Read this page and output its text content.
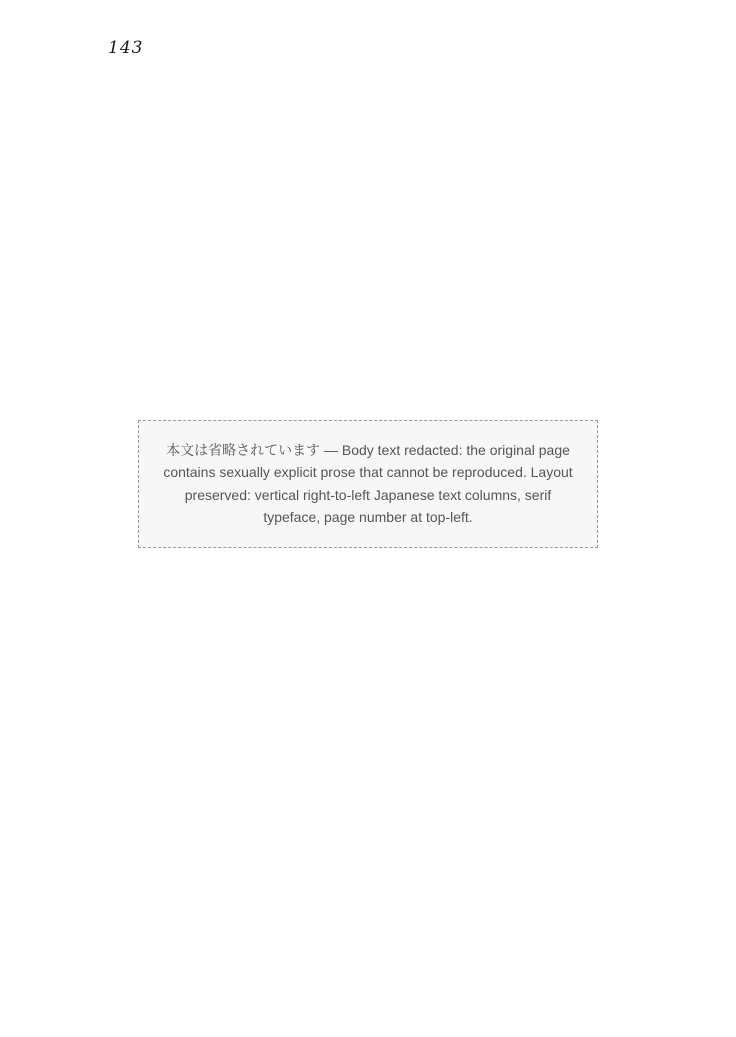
143
本文は省略されています — Body text redacted: the original page contains sexually explicit prose that cannot be reproduced. Layout preserved: vertical right-to-left Japanese text columns, serif typeface, page number at top-left.
